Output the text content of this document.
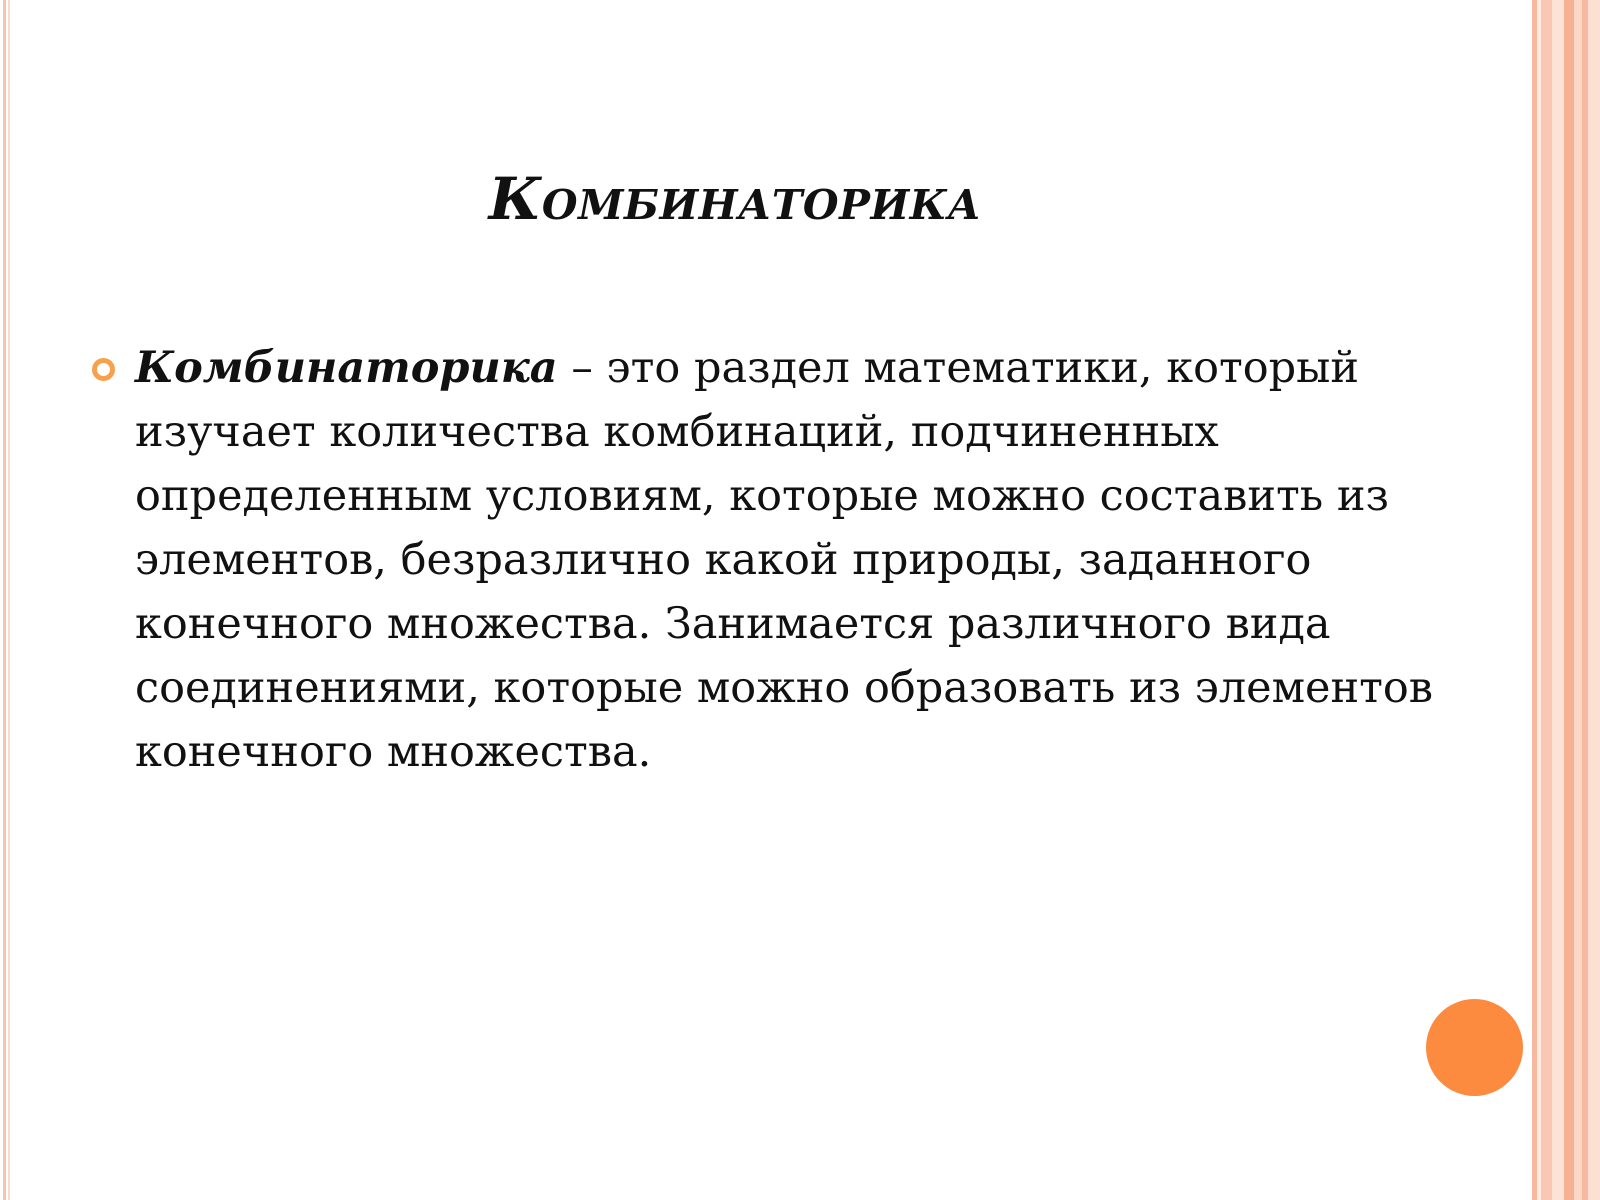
Комбинаторика

Комбинаторика – это раздел математики, который изучает количества комбинаций, подчиненных определенным условиям, которые можно составить из элементов, безразлично какой природы, заданного конечного множества. Занимается различного вида соединениями, которые можно образовать из элементов конечного множества.
